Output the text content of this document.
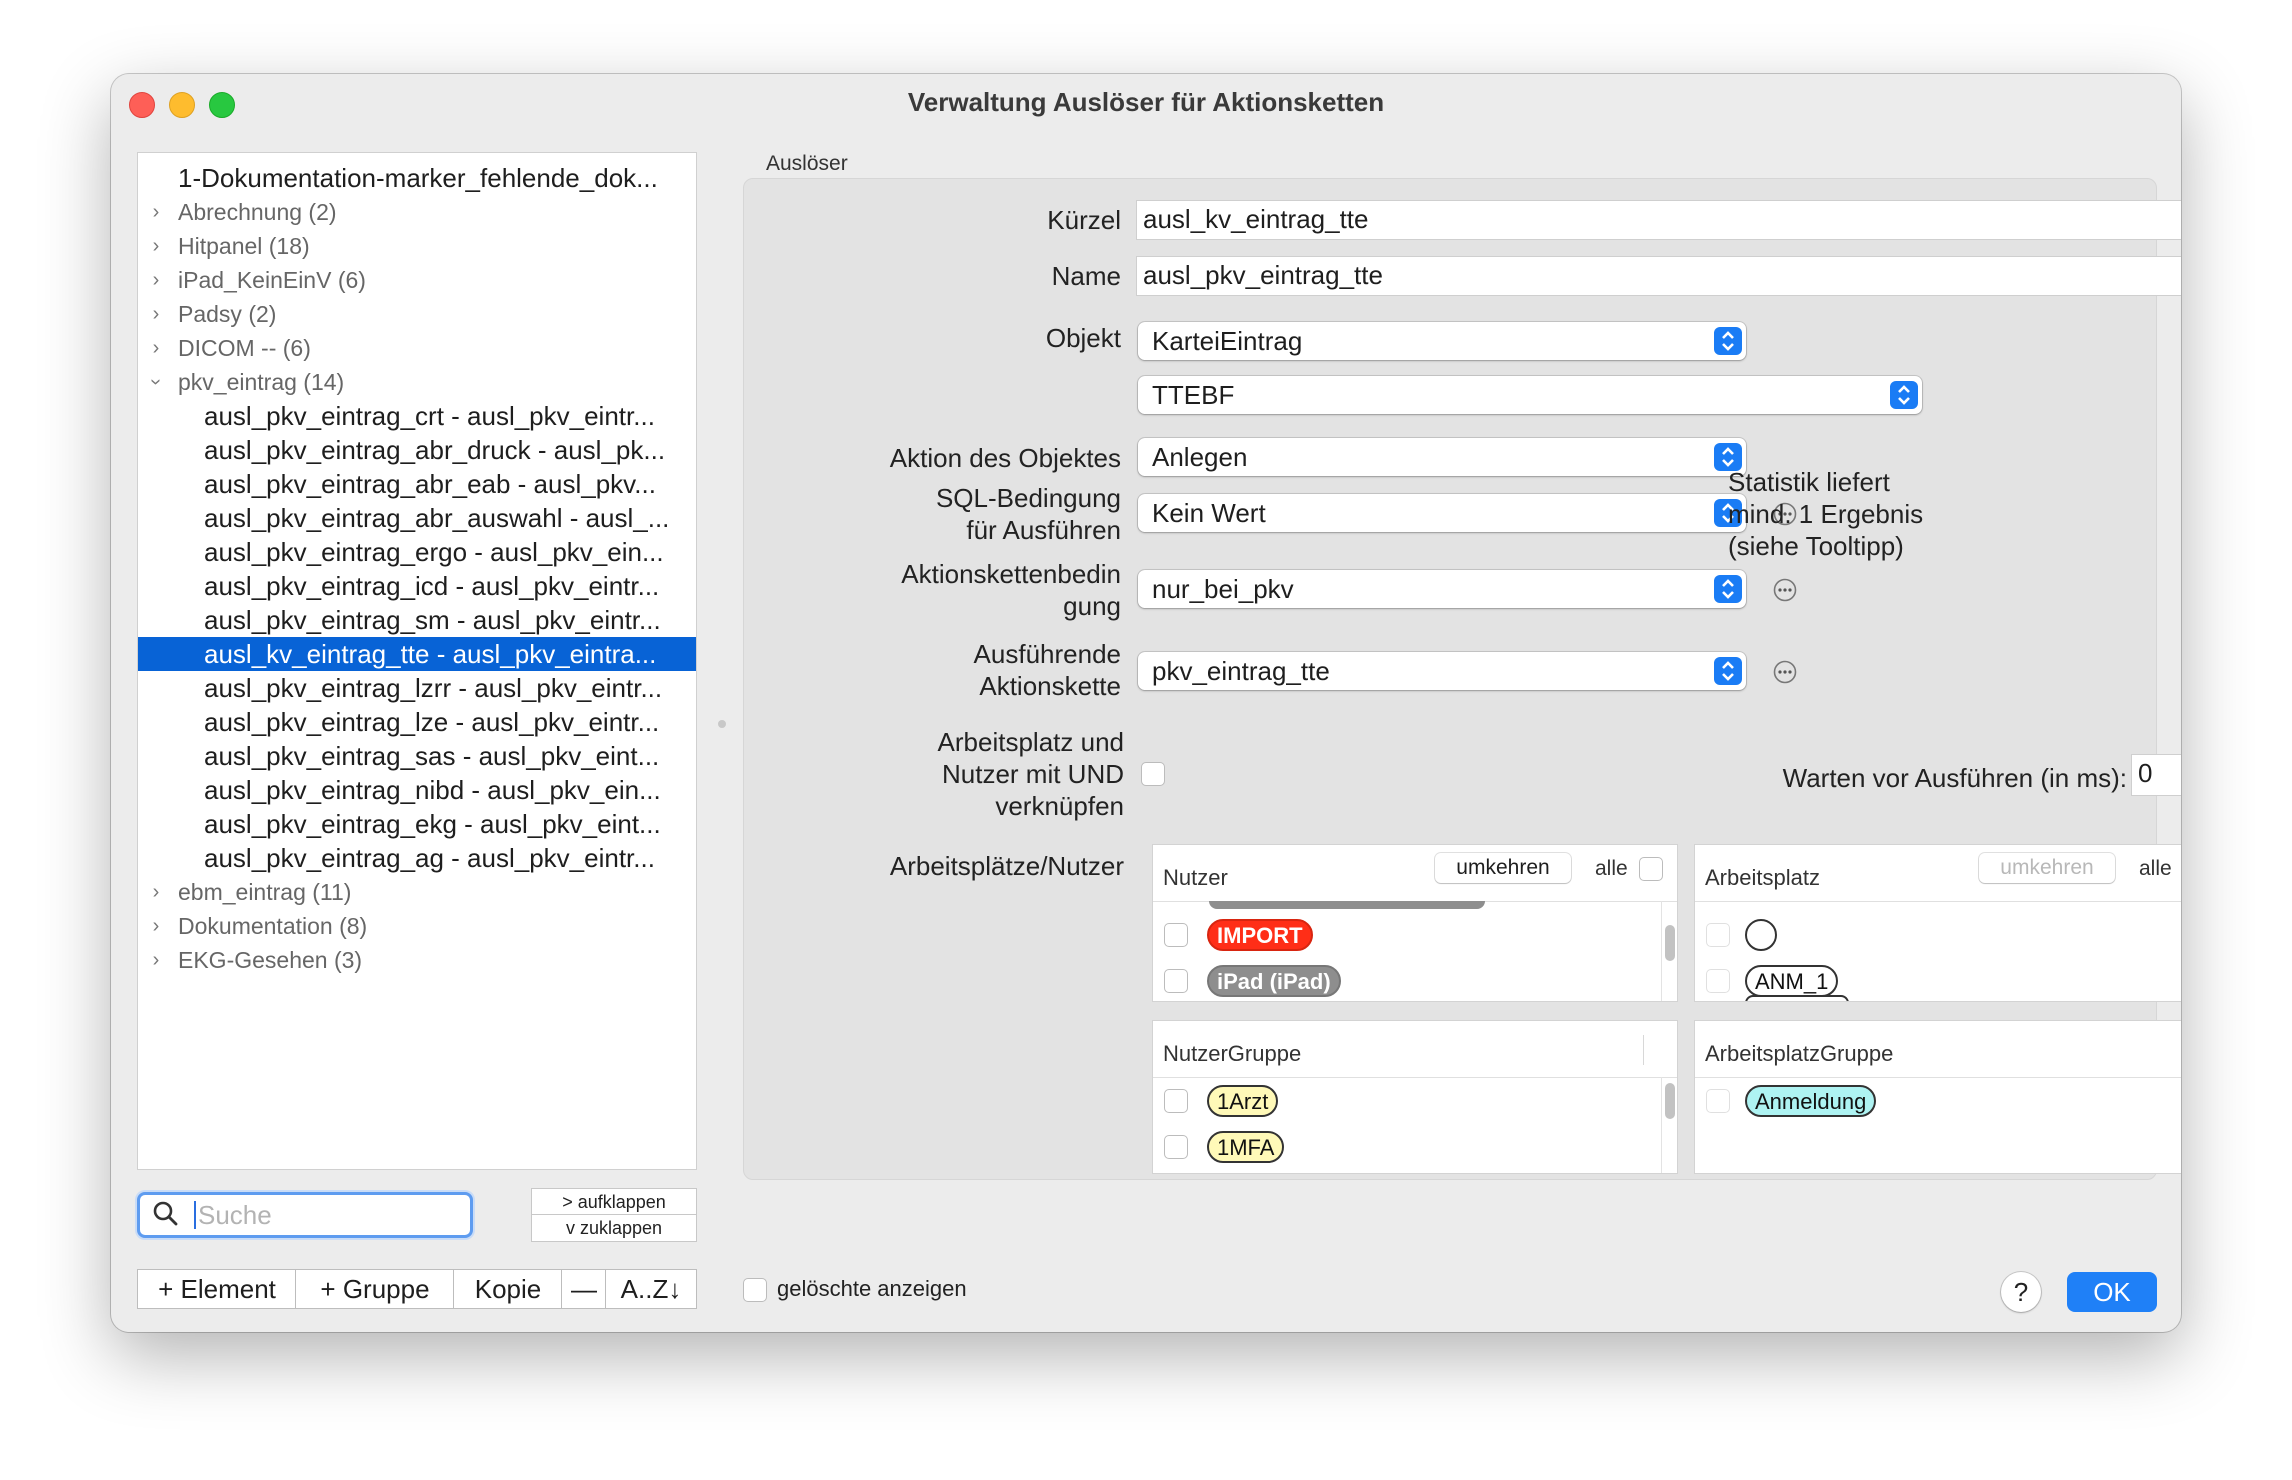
Verwaltung Auslöser für Aktionsketten
1-Dokumentation-marker_fehlende_dok...
› Abrechnung (2)
› Hitpanel (18)
› iPad_KeinEinV (6)
› Padsy (2)
› DICOM -- (6)
› pkv_eintrag (14)
ausl_pkv_eintrag_crt - ausl_pkv_eintr...
ausl_pkv_eintrag_abr_druck - ausl_pk...
ausl_pkv_eintrag_abr_eab - ausl_pkv...
ausl_pkv_eintrag_abr_auswahl - ausl_...
ausl_pkv_eintrag_ergo - ausl_pkv_ein...
ausl_pkv_eintrag_icd - ausl_pkv_eintr...
ausl_pkv_eintrag_sm - ausl_pkv_eintr...
ausl_kv_eintrag_tte - ausl_pkv_eintra...
ausl_pkv_eintrag_lzrr - ausl_pkv_eintr...
ausl_pkv_eintrag_lze - ausl_pkv_eintr...
ausl_pkv_eintrag_sas - ausl_pkv_eint...
ausl_pkv_eintrag_nibd - ausl_pkv_ein...
ausl_pkv_eintrag_ekg - ausl_pkv_eint...
ausl_pkv_eintrag_ag - ausl_pkv_eintr...
› ebm_eintrag (11)
› Dokumentation (8)
› EKG-Gesehen (3)
Suche	> aufklappen
v zuklappen
+ Element	+ Gruppe	Kopie	— A..Z↓
Auslöser
Kürzel ausl_kv_eintrag_tte
Name ausl_pkv_eintrag_tte
Objekt	KarteiEintrag
TTEBF
Aktion des Objektes	Anlegen
SQL-Bedingung
für Ausführen
Kein Wert
Statistik liefert
mind. 1 Ergebnis
(siehe Tooltipp)
Aktionskettenbedin
gung
nur_bei_pkv
Ausführende
Aktionskette	pkv_eintrag_tte
Arbeitsplatz und
Nutzer mit UND
verknüpfen
Warten vor Ausführen (in ms): 0
Arbeitsplätze/Nutzer Nutzer	umkehren	alle
IMPORT
iPad (iPad)
Arbeitsplatz	umkehren	alle
ANM_1
NutzerGruppe
1Arzt
1MFA
ArbeitsplatzGruppe
Anmeldung
gelöschte anzeigen	?	OK
